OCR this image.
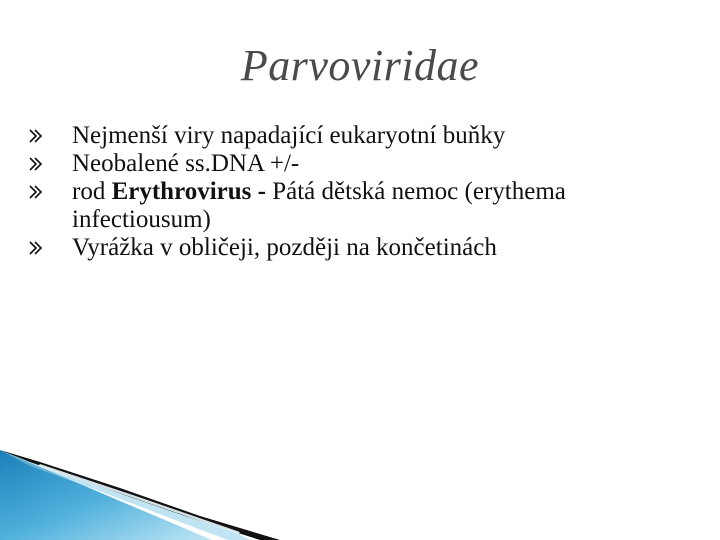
Parvoviridae
Nejmenší viry napadající eukaryotní buňky
Neobalené ss.DNA +/-
rod Erythrovirus - Pátá dětská nemoc (erythema infectiousum)
Vyrážka v obličeji, později na končetinách
